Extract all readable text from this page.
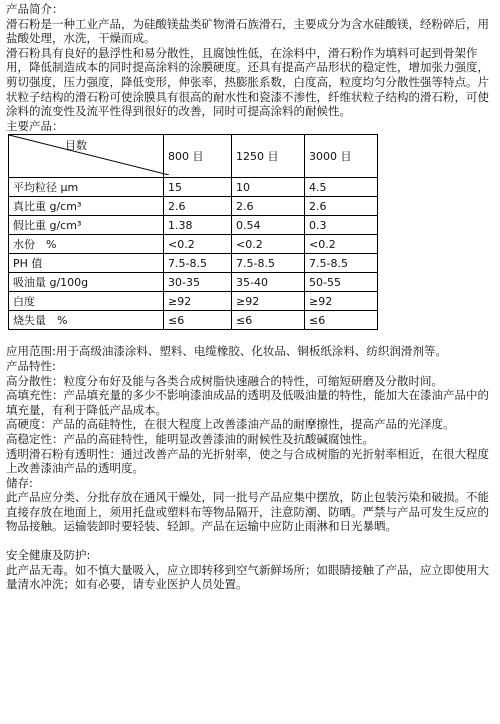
产品简介：

滑石粉是一种工业产品，为硅酸镁盐类矿物滑石族滑石，主要成分为含水硅酸镁，经粉碎后，用盐酸处理，水洗，干燥而成。

滑石粉具有良好的悬浮性和易分散性，且腐蚀性低，在涂料中，滑石粉作为填料可起到骨架作用，降低制造成本的同时提高涂料的涂膜硬度。还具有提高产品形状的稳定性，增加张力强度，剪切强度，压力强度，降低变形，伸张率，热膨胀系数，白度高，粒度均匀分散性强等特点。片状粒子结构的滑石粉可使涂膜具有很高的耐水性和瓷漆不渗性，纤维状粒子结构的滑石粉，可使涂料的流变性及流平性得到很好的改善，同时可提高涂料的耐候性。

主要产品：

目数	800 目	1250 目	3000 目
平均粒径 μm	15	10	4.5
真比重 g/cm³	2.6	2.6	2.6
假比重 g/cm³	1.38	0.54	0.3
水份　%	<0.2	<0.2	<0.2
PH 值	7.5-8.5	7.5-8.5	7.5-8.5
吸油量 g/100g	30-35	35-40	50-55
白度	≥92	≥92	≥92
烧失量　%	≤6	≤6	≤6

应用范围:用于高级油漆涂料、塑料、电缆橡胶、化妆品、铜板纸涂料、纺织润滑剂等。

产品特性:

高分散性：粒度分布好及能与各类合成树脂快速融合的特性，可缩短研磨及分散时间。

高填充性：产品填充量的多少不影响漆油成品的透明及低吸油量的特性，能加大在漆油产品中的填充量，有利于降低产品成本。

高硬度：产品的高硅特性，在很大程度上改善漆油产品的耐摩擦性，提高产品的光泽度。

高稳定性：产品的高硅特性，能明显改善漆油的耐候性及抗酸碱腐蚀性。

透明滑石粉有透明性：通过改善产品的光折射率，使之与合成树脂的光折射率相近，在很大程度上改善漆油产品的透明度。

储存:

此产品应分类、分批存放在通风干燥处，同一批号产品应集中摆放，防止包装污染和破损。不能直接存放在地面上，须用托盘或塑料布等物品隔开，注意防潮、防晒。严禁与产品可发生反应的物品接触。运输装卸时要轻装、轻卸。产品在运输中应防止雨淋和日光暴晒。

安全健康及防护:

此产品无毒。如不慎大量吸入，应立即转移到空气新鲜场所；如眼睛接触了产品，应立即使用大量清水冲洗；如有必要，请专业医护人员处置。
